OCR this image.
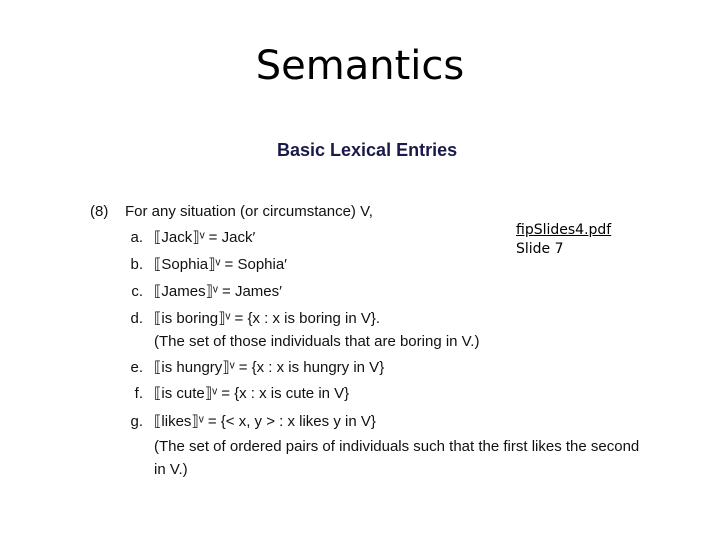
Semantics
Basic Lexical Entries
(8) For any situation (or circumstance) V,
a. ⟦Jack⟧ᵛ = Jack′
b. ⟦Sophia⟧ᵛ = Sophia′
c. ⟦James⟧ᵛ = James′
d. ⟦is boring⟧ᵛ = {x : x is boring in V}.
(The set of those individuals that are boring in V.)
e. ⟦is hungry⟧ᵛ = {x : x is hungry in V}
f. ⟦is cute⟧ᵛ = {x : x is cute in V}
g. ⟦likes⟧ᵛ = {< x, y > : x likes y in V}
(The set of ordered pairs of individuals such that the first likes the second in V.)
fipSlides4.pdf
Slide 7
